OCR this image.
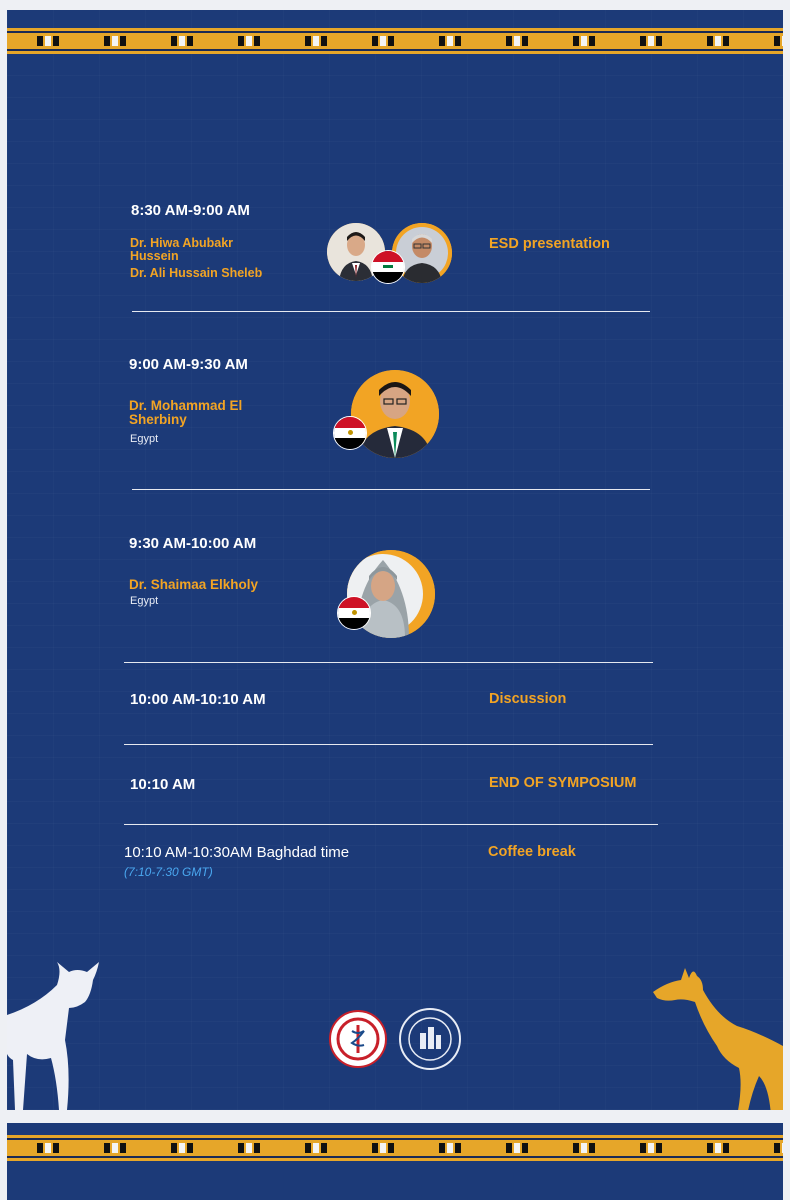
8:30 AM-9:00 AM
Dr. Hiwa Abubakr
Hussein
Dr. Ali Hussain Sheleb
ESD presentation
9:00 AM-9:30 AM
Dr. Mohammad El
Sherbiny
Egypt
9:30 AM-10:00 AM
Dr. Shaimaa Elkholy
Egypt
10:00 AM-10:10 AM	Discussion
10:10 AM	END OF SYMPOSIUM
10:10 AM-10:30AM Baghdad time
(7:10-7:30 GMT)
Coffee break
